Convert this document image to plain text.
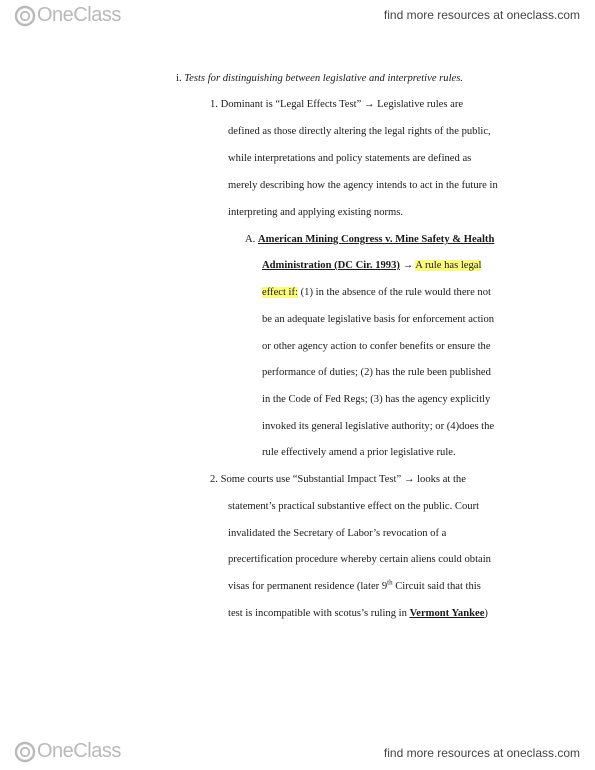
OneClass	find more resources at oneclass.com
i. Tests for distinguishing between legislative and interpretive rules.
1. Dominant is “Legal Effects Test” → Legislative rules are
defined as those directly altering the legal rights of the public,
while interpretations and policy statements are defined as
merely describing how the agency intends to act in the future in
interpreting and applying existing norms.
A. American Mining Congress v. Mine Safety & Health
Administration (DC Cir. 1993) → A rule has legal
effect if: (1) in the absence of the rule would there not
be an adequate legislative basis for enforcement action
or other agency action to confer benefits or ensure the
performance of duties; (2) has the rule been published
in the Code of Fed Regs; (3) has the agency explicitly
invoked its general legislative authority; or (4)does the
rule effectively amend a prior legislative rule.
2. Some courts use “Substantial Impact Test” → looks at the
statement’s practical substantive effect on the public. Court
invalidated the Secretary of Labor’s revocation of a
precertification procedure whereby certain aliens could obtain
visas for permanent residence (later 9th Circuit said that this
test is incompatible with scotus’s ruling in Vermont Yankee)
OneClass	find more resources at oneclass.com
